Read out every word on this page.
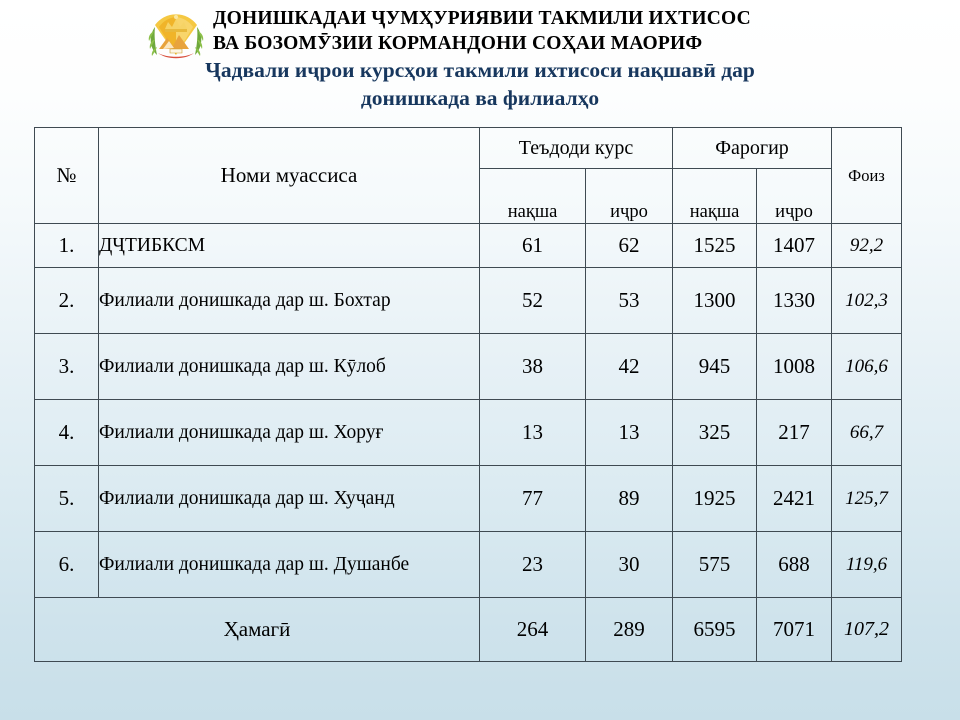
ДОНИШКАДАИ ҶУМҲУРИЯВИИ ТАКМИЛИ ИХТИСОС
ВА БОЗОМӮЗИИ КОРМАНДОНИ СОҲАИ МАОРИФ
Ҷадвали иҷрои курсҳои такмили ихтисоси нақшавӣ дар
донишкада ва филиалҳо
№	Номи муассиса	Теъдоди курс		Фарогир		Фоиз
		нақша	иҷро	нақша	иҷро	
1.	ДҶТИБКСМ	61	62	1525	1407	92,2
2.	Филиали донишкада дар ш. Бохтар	52	53	1300	1330	102,3
3.	Филиали донишкада дар ш. Кӯлоб	38	42	945	1008	106,6
4.	Филиали донишкада дар ш. Хоруғ	13	13	325	217	66,7
5.	Филиали донишкада дар ш. Хуҷанд	77	89	1925	2421	125,7
6.	Филиали донишкада дар ш. Душанбе	23	30	575	688	119,6
Ҳамагӣ		264	289	6595	7071	107,2
